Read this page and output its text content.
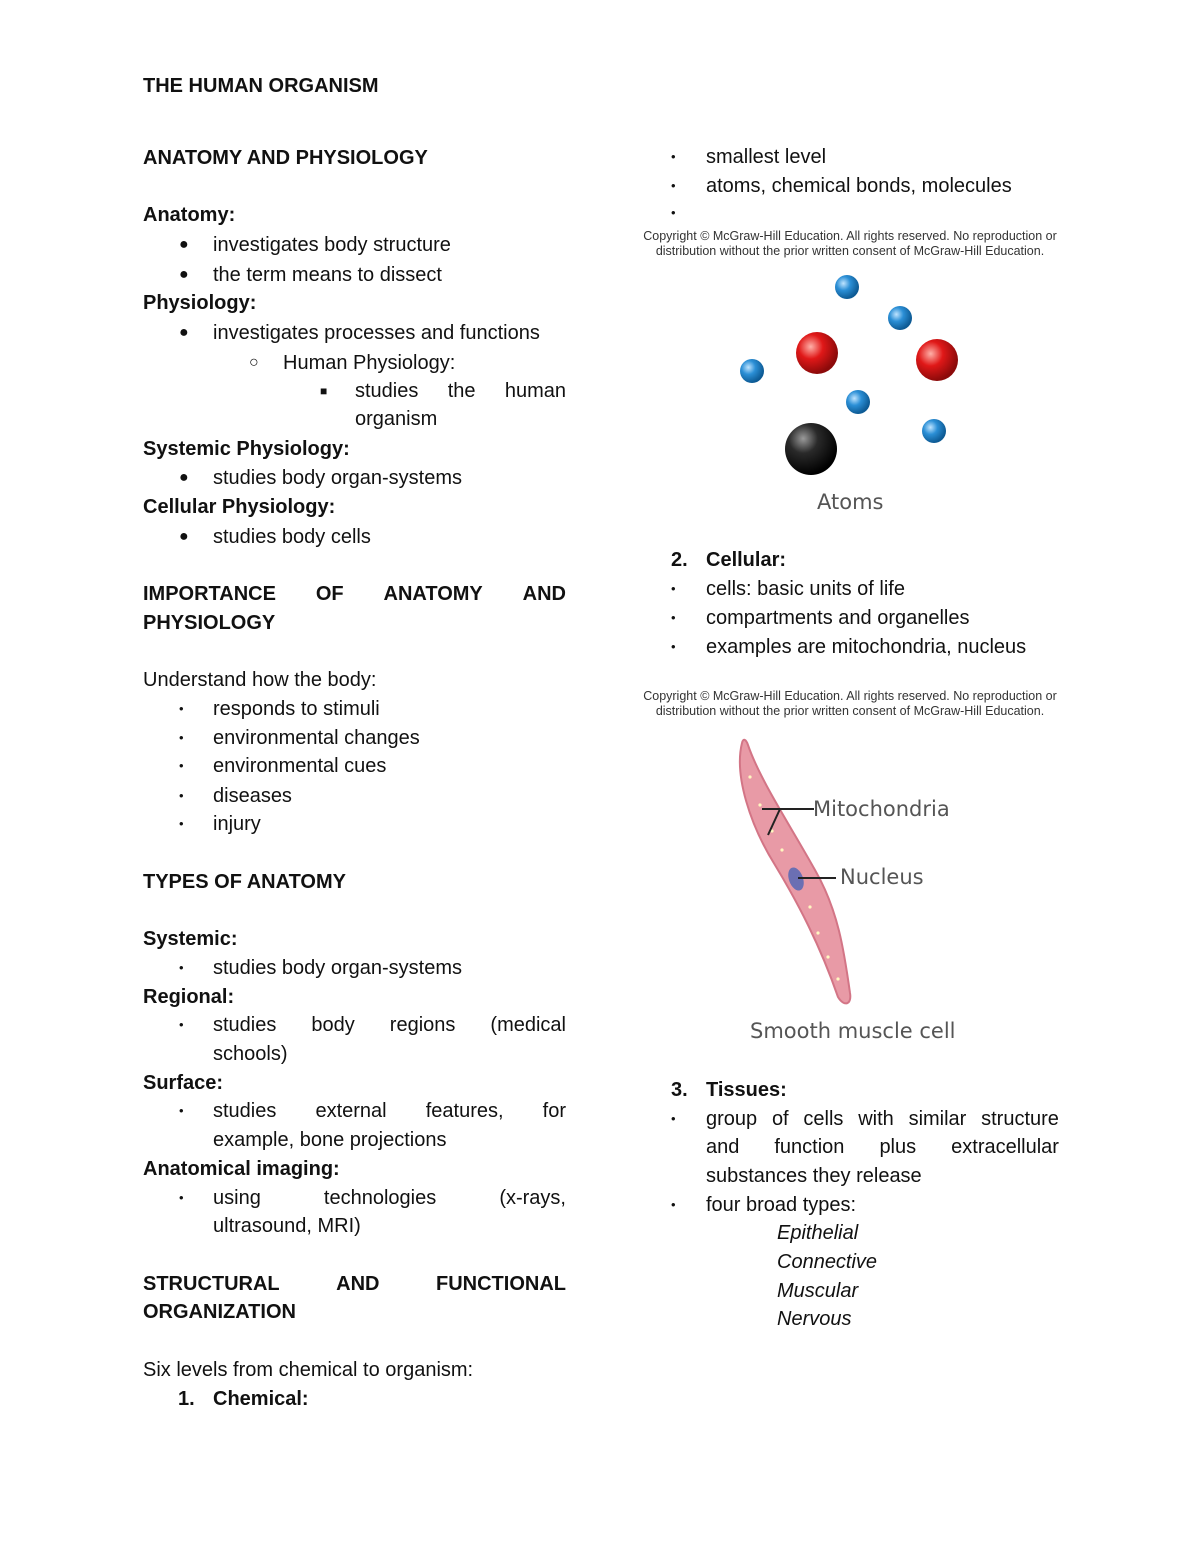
THE HUMAN ORGANISM
ANATOMY AND PHYSIOLOGY
Anatomy:
● investigates body structure
● the term means to dissect
Physiology:
● investigates processes and functions
○ Human Physiology:
■ studies the human
organism
Systemic Physiology:
● studies body organ-systems
Cellular Physiology:
● studies body cells
IMPORTANCE OF ANATOMY AND
PHYSIOLOGY
Understand how the body:
• responds to stimuli
• environmental changes
• environmental cues
• diseases
• injury
TYPES OF ANATOMY
Systemic:
• studies body organ-systems
Regional:
• studies body regions (medical
schools)
Surface:
• studies external features, for
example, bone projections
Anatomical imaging:
• using	technologies	(x-rays,
ultrasound, MRI)
STRUCTURAL	AND	FUNCTIONAL
ORGANIZATION
Six levels from chemical to organism:
1. Chemical:
• smallest level
• atoms, chemical bonds, molecules
•
Copyright © McGraw-Hill Education. All rights reserved. No reproduction or
distribution without the prior written consent of McGraw-Hill Education.
Atoms
2. Cellular:
• cells: basic units of life
• compartments and organelles
• examples are mitochondria, nucleus
Copyright © McGraw-Hill Education. All rights reserved. No reproduction or
distribution without the prior written consent of McGraw-Hill Education.
Mitochondria
Nucleus
Smooth muscle cell
3. Tissues:
• group of cells with similar structure
and function plus extracellular
substances they release
• four broad types:
Epithelial
Connective
Muscular
Nervous
